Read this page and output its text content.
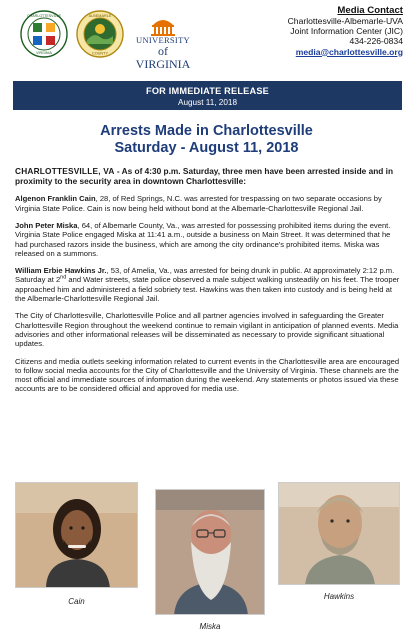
CHARLOTTESVILLE
VIRGINIA
ALBEMARLE
COUNTY
UNIVERSITY
of VIRGINIA
Media Contact
Charlottesville-Albemarle-UVA
Joint Information Center (JIC)
434-226-0834
media@charlottesville.org
FOR IMMEDIATE RELEASE
August 11, 2018
Arrests Made in Charlottesville
Saturday - August 11, 2018

CHARLOTTESVILLE, VA - As of 4:30 p.m. Saturday, three men have been arrested inside and in proximity to the security area in downtown Charlottesville:

Algenon Franklin Cain, 28, of Red Springs, N.C. was arrested for trespassing on two separate occasions by Virginia State Police. Cain is now being held without bond at the Albemarle-Charlottesville Regional Jail.

John Peter Miska, 64, of Albemarle County, Va., was arrested for possessing prohibited items during the event. Virginia State Police engaged Miska at 11:41 a.m., outside a business on Main Street. It was determined that he had purchased razors inside the business, which are among the city ordinance's prohibited items. Miska was released on a summons.

William Erbie Hawkins Jr., 53, of Amelia, Va., was arrested for being drunk in public. At approximately 2:12 p.m. Saturday at 2nd and Water streets, state police observed a male subject walking unsteadily on his feet. The trooper approached him and administered a field sobriety test. Hawkins was then taken into custody and is being held at the Albemarle-Charlottesville Regional Jail.

The City of Charlottesville, Charlottesville Police and all partner agencies involved in safeguarding the Greater Charlottesville Region throughout the weekend continue to remain vigilant in anticipation of planned events. Media advisories and other informational releases will be disseminated as necessary to provide significant situational updates.

Citizens and media outlets seeking information related to current events in the Charlottesville area are encouraged to follow social media accounts for the City of Charlottesville and the University of Virginia. These channels are the most official and immediate sources of information during the weekend. Any statements or photos issued via these accounts are to be considered official and approved for media use.

Cain
Miska
Hawkins
